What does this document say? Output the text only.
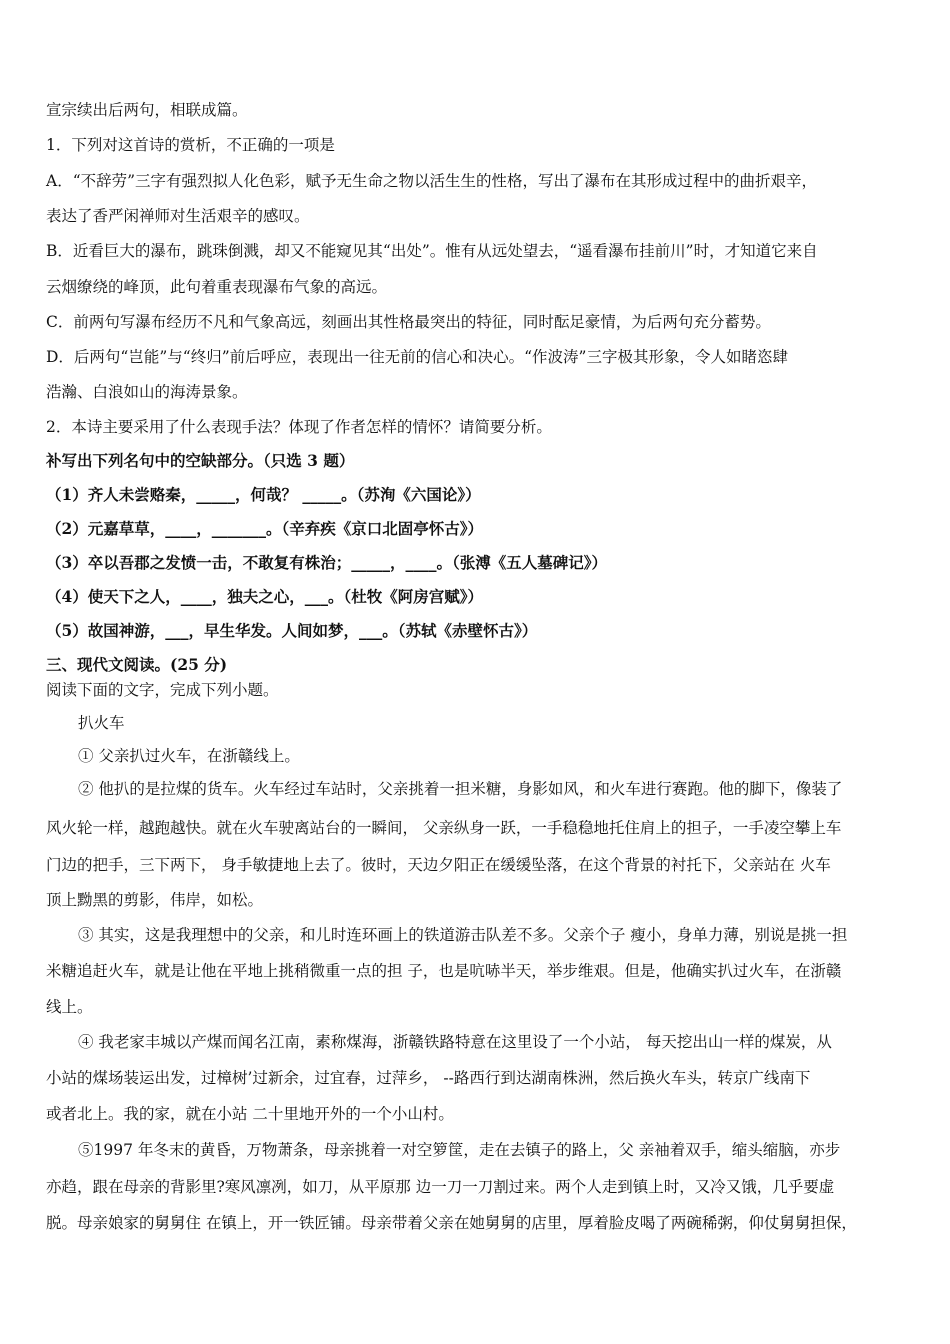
宣宗续出后两句，相联成篇。
1．下列对这首诗的赏析，不正确的一项是
A．“不辞劳”三字有强烈拟人化色彩，赋予无生命之物以活生生的性格，写出了瀑布在其形成过程中的曲折艰辛，
表达了香严闲禅师对生活艰辛的感叹。
B．近看巨大的瀑布，跳珠倒溅，却又不能窥见其“出处”。惟有从远处望去，“遥看瀑布挂前川”时，才知道它来自
云烟缭绕的峰顶，此句着重表现瀑布气象的高远。
C．前两句写瀑布经历不凡和气象高远，刻画出其性格最突出的特征，同时酝足豪情，为后两句充分蓄势。
D．后两句“岂能”与“终归”前后呼应，表现出一往无前的信心和决心。“作波涛”三字极其形象，令人如睹恣肆
浩瀚、白浪如山的海涛景象。
2．本诗主要采用了什么表现手法？体现了作者怎样的情怀？请简要分析。
补写出下列名句中的空缺部分。（只选 3 题）
（1）齐人未尝赂秦，_____，何哉？ _____。（苏洵《六国论》）
（2）元嘉草草，____，_______。（辛弃疾《京口北固亭怀古》）
（3）卒以吾郡之发愤一击，不敢复有株治；_____，____。（张溥《五人墓碑记》）
（4）使天下之人，____，独夫之心，___。（杜牧《阿房宫赋》）
（5）故国神游，___，早生华发。人间如梦，___。（苏轼《赤壁怀古》）
三、现代文阅读。(25 分)
阅读下面的文字，完成下列小题。
扒火车
① 父亲扒过火车，在浙赣线上。
② 他扒的是拉煤的货车。火车经过车站时，父亲挑着一担米糖，身影如风，和火车进行赛跑。他的脚下，像装了
风火轮一样，越跑越快。就在火车驶离站台的一瞬间， 父亲纵身一跃，一手稳稳地托住肩上的担子，一手凌空攀上车
门边的把手，三下两下， 身手敏捷地上去了。彼时，天边夕阳正在缓缓坠落，在这个背景的衬托下，父亲站在 火车
顶上黝黑的剪影，伟岸，如松。
③ 其实，这是我理想中的父亲，和儿时连环画上的铁道游击队差不多。父亲个子 瘦小，身单力薄，别说是挑一担
米糖追赶火车，就是让他在平地上挑稍微重一点的担 子，也是吭哧半天，举步维艰。但是，他确实扒过火车，在浙赣
线上。
④ 我老家丰城以产煤而闻名江南，素称煤海，浙赣铁路特意在这里设了一个小站， 每天挖出山一样的煤炭，从
小站的煤场装运出发，过樟树’过新余，过宜春，过萍乡， --路西行到达湖南株洲，然后换火车头，转京广线南下
或者北上。我的家，就在小站 二十里地开外的一个小山村。
⑤1997 年冬末的黄昏，万物萧条，母亲挑着一对空箩筐，走在去镇子的路上，父 亲袖着双手，缩头缩脑，亦步
亦趋，跟在母亲的背影里?寒风凛冽，如刀，从平原那 边一刀一刀割过来。两个人走到镇上时，又冷又饿，几乎要虚
脱。母亲娘家的舅舅住 在镇上，开一铁匠铺。母亲带着父亲在她舅舅的店里，厚着脸皮喝了两碗稀粥，仰仗舅舅担保，
